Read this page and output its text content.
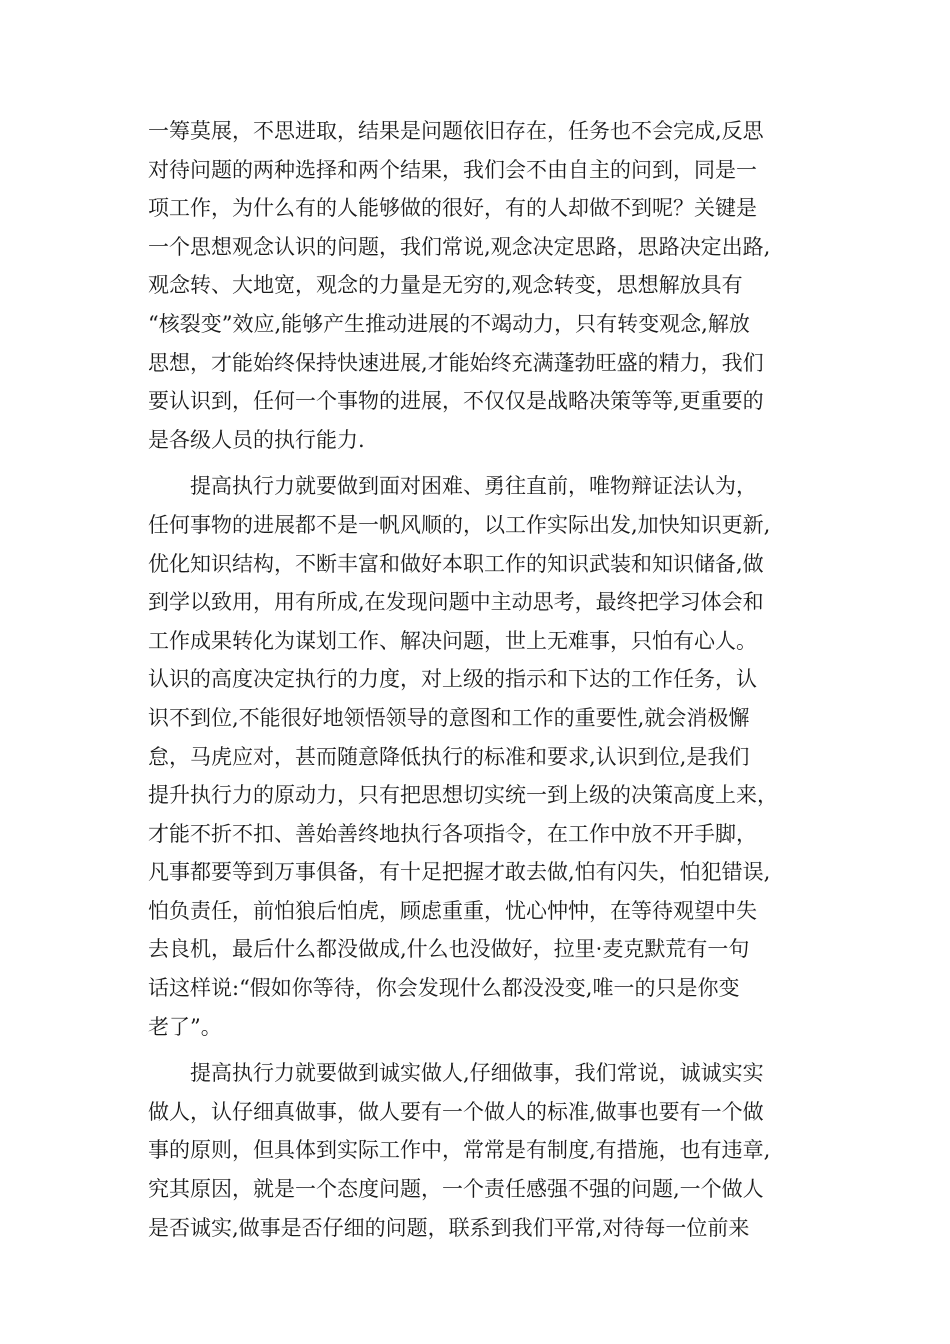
一筹莫展，不思进取，结果是问题依旧存在，任务也不会完成,反思
对待问题的两种选择和两个结果，我们会不由自主的问到，同是一
项工作，为什么有的人能够做的很好，有的人却做不到呢？关键是
一个思想观念认识的问题，我们常说,观念决定思路，思路决定出路,
观念转、大地宽，观念的力量是无穷的,观念转变，思想解放具有
“核裂变”效应,能够产生推动进展的不竭动力，只有转变观念,解放
思想，才能始终保持快速进展,才能始终充满蓬勃旺盛的精力，我们
要认识到，任何一个事物的进展，不仅仅是战略决策等等,更重要的
是各级人员的执行能力.
提高执行力就要做到面对困难、勇往直前，唯物辩证法认为，
任何事物的进展都不是一帆风顺的，以工作实际出发,加快知识更新,
优化知识结构，不断丰富和做好本职工作的知识武装和知识储备,做
到学以致用，用有所成,在发现问题中主动思考，最终把学习体会和
工作成果转化为谋划工作、解决问题，世上无难事，只怕有心人。
认识的高度决定执行的力度，对上级的指示和下达的工作任务，认
识不到位,不能很好地领悟领导的意图和工作的重要性,就会消极懈
怠，马虎应对，甚而随意降低执行的标准和要求,认识到位,是我们
提升执行力的原动力，只有把思想切实统一到上级的决策高度上来，
才能不折不扣、善始善终地执行各项指令，在工作中放不开手脚，
凡事都要等到万事俱备，有十足把握才敢去做,怕有闪失，怕犯错误,
怕负责任，前怕狼后怕虎，顾虑重重，忧心忡忡，在等待观望中失
去良机，最后什么都没做成,什么也没做好，拉里·麦克默荒有一句
话这样说:“假如你等待，你会发现什么都没没变,唯一的只是你变
老了”。
提高执行力就要做到诚实做人,仔细做事，我们常说，诚诚实实
做人，认仔细真做事，做人要有一个做人的标准,做事也要有一个做
事的原则，但具体到实际工作中，常常是有制度,有措施，也有违章,
究其原因，就是一个态度问题，一个责任感强不强的问题,一个做人
是否诚实,做事是否仔细的问题，联系到我们平常,对待每一位前来
